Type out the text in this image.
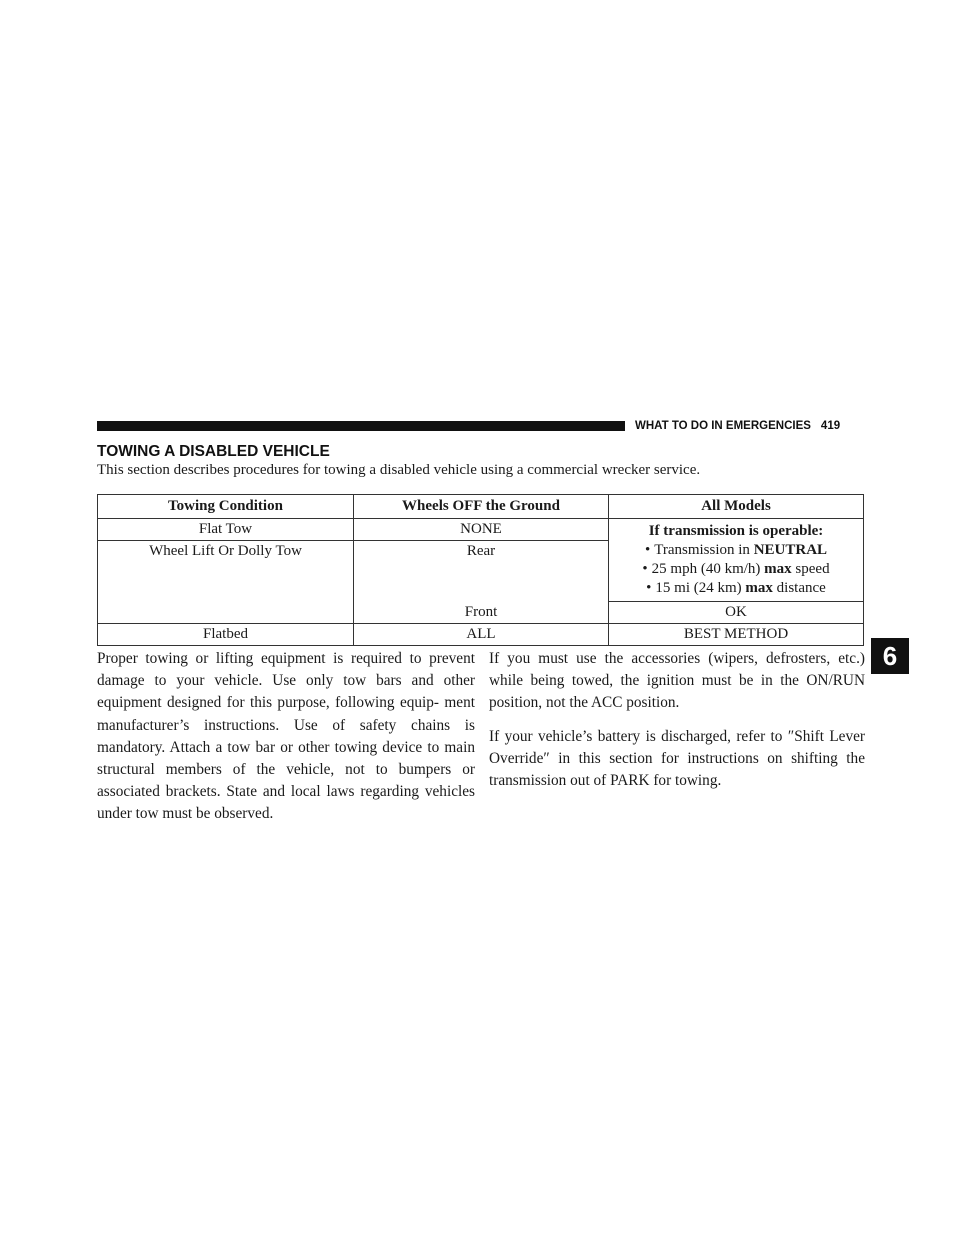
WHAT TO DO IN EMERGENCIES 419
TOWING A DISABLED VEHICLE
This section describes procedures for towing a disabled vehicle using a commercial wrecker service.
Towing Condition	Wheels OFF the Ground	All Models
Flat Tow	NONE	If transmission is operable:
• Transmission in NEUTRAL
• 25 mph (40 km/h) max speed
• 15 mi (24 km) max distance

Wheel Lift Or Dolly Tow	Rear	
	Front	OK
Flatbed	ALL	BEST METHOD

Proper towing or lifting equipment is required to prevent damage to your vehicle. Use only tow bars and other equipment designed for this purpose, following equip- ment manufacturer’s instructions. Use of safety chains is mandatory. Attach a tow bar or other towing device to main structural members of the vehicle, not to bumpers or associated brackets. State and local laws regarding vehicles under tow must be observed.

If you must use the accessories (wipers, defrosters, etc.) while being towed, the ignition must be in the ON/RUN position, not the ACC position.

If your vehicle’s battery is discharged, refer to ″Shift Lever Override″ in this section for instructions on shifting the transmission out of PARK for towing.

6
